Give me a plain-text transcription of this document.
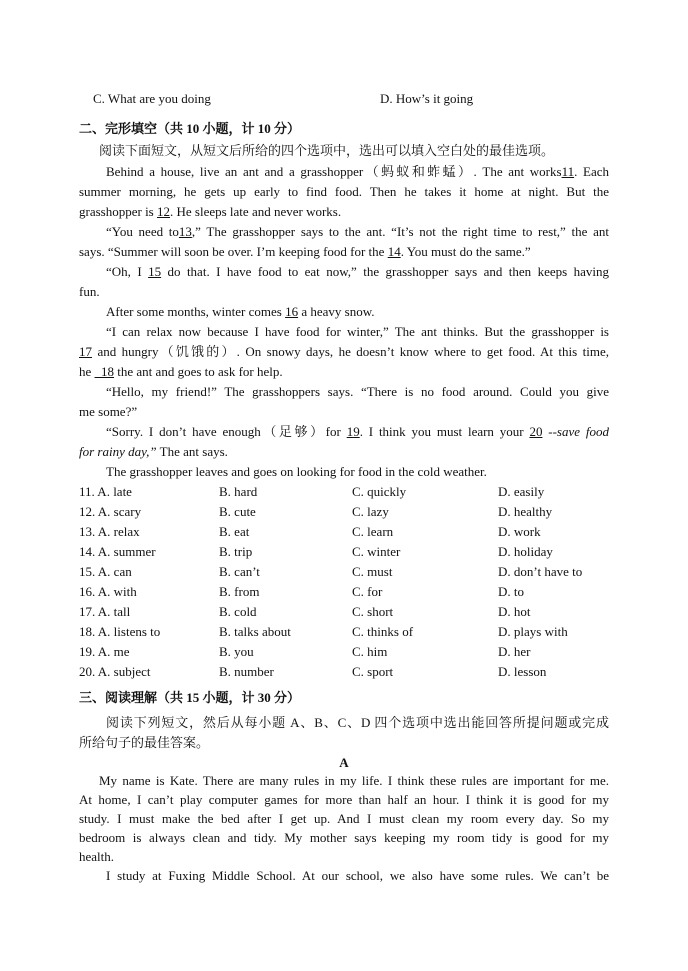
C. What are you doing	D. How’s it going
二、完形填空（共 10 小题，计 10 分）
阅读下面短文，从短文后所给的四个选项中，选出可以填入空白处的最佳选项。
Behind a house, live an ant and a grasshopper（蚂蚁和蚱蜢）. The ant works11. Each
summer morning, he gets up early to find food. Then he takes it home at night. But the
grasshopper is 12. He sleeps late and never works.
“You need to13,” The grasshopper says to the ant. “It’s not the right time to rest,” the ant
says. “Summer will soon be over. I’m keeping food for the 14. You must do the same.”
“Oh, I 15 do that. I have food to eat now,” the grasshopper says and then keeps having
fun.
After some months, winter comes 16 a heavy snow.
“I can relax now because I have food for winter,” The ant thinks. But the grasshopper is
17 and hungry（饥饿的）. On snowy days, he doesn’t know where to get food. At this time,
he   18 the ant and goes to ask for help.
“Hello, my friend!” The grasshoppers says. “There is no food around. Could you give
me some?”
“Sorry. I don’t have enough（足够）for 19. I think you must learn your 20 --save food
for rainy day,” The ant says.
The grasshopper leaves and goes on looking for food in the cold weather.
11. A. late	B. hard	C. quickly	D. easily
12. A. scary	B. cute	C. lazy	D. healthy
13. A. relax	B. eat	C. learn	D. work
14. A. summer	B. trip	C. winter	D. holiday
15. A. can	B. can’t	C. must	D. don’t have to
16. A. with	B. from	C. for	D. to
17. A. tall	B. cold	C. short	D. hot
18. A. listens to	B. talks about	C. thinks of	D. plays with
19. A. me	B. you	C. him	D. her
20. A. subject	B. number	C. sport	D. lesson
三、阅读理解（共 15 小题，计 30 分）
阅读下列短文，然后从每小题 A、B、C、D 四个选项中选出能回答所提问题或完成
所给句子的最佳答案。
A
My name is Kate. There are many rules in my life. I think these rules are important for me.
At home, I can’t play computer games for more than half an hour. I think it is good for my
study. I must make the bed after I get up. And I must clean my room every day. So my
bedroom is always clean and tidy. My mother says keeping my room tidy is good for my
health.
I study at Fuxing Middle School. At our school, we also have some rules. We can’t be
